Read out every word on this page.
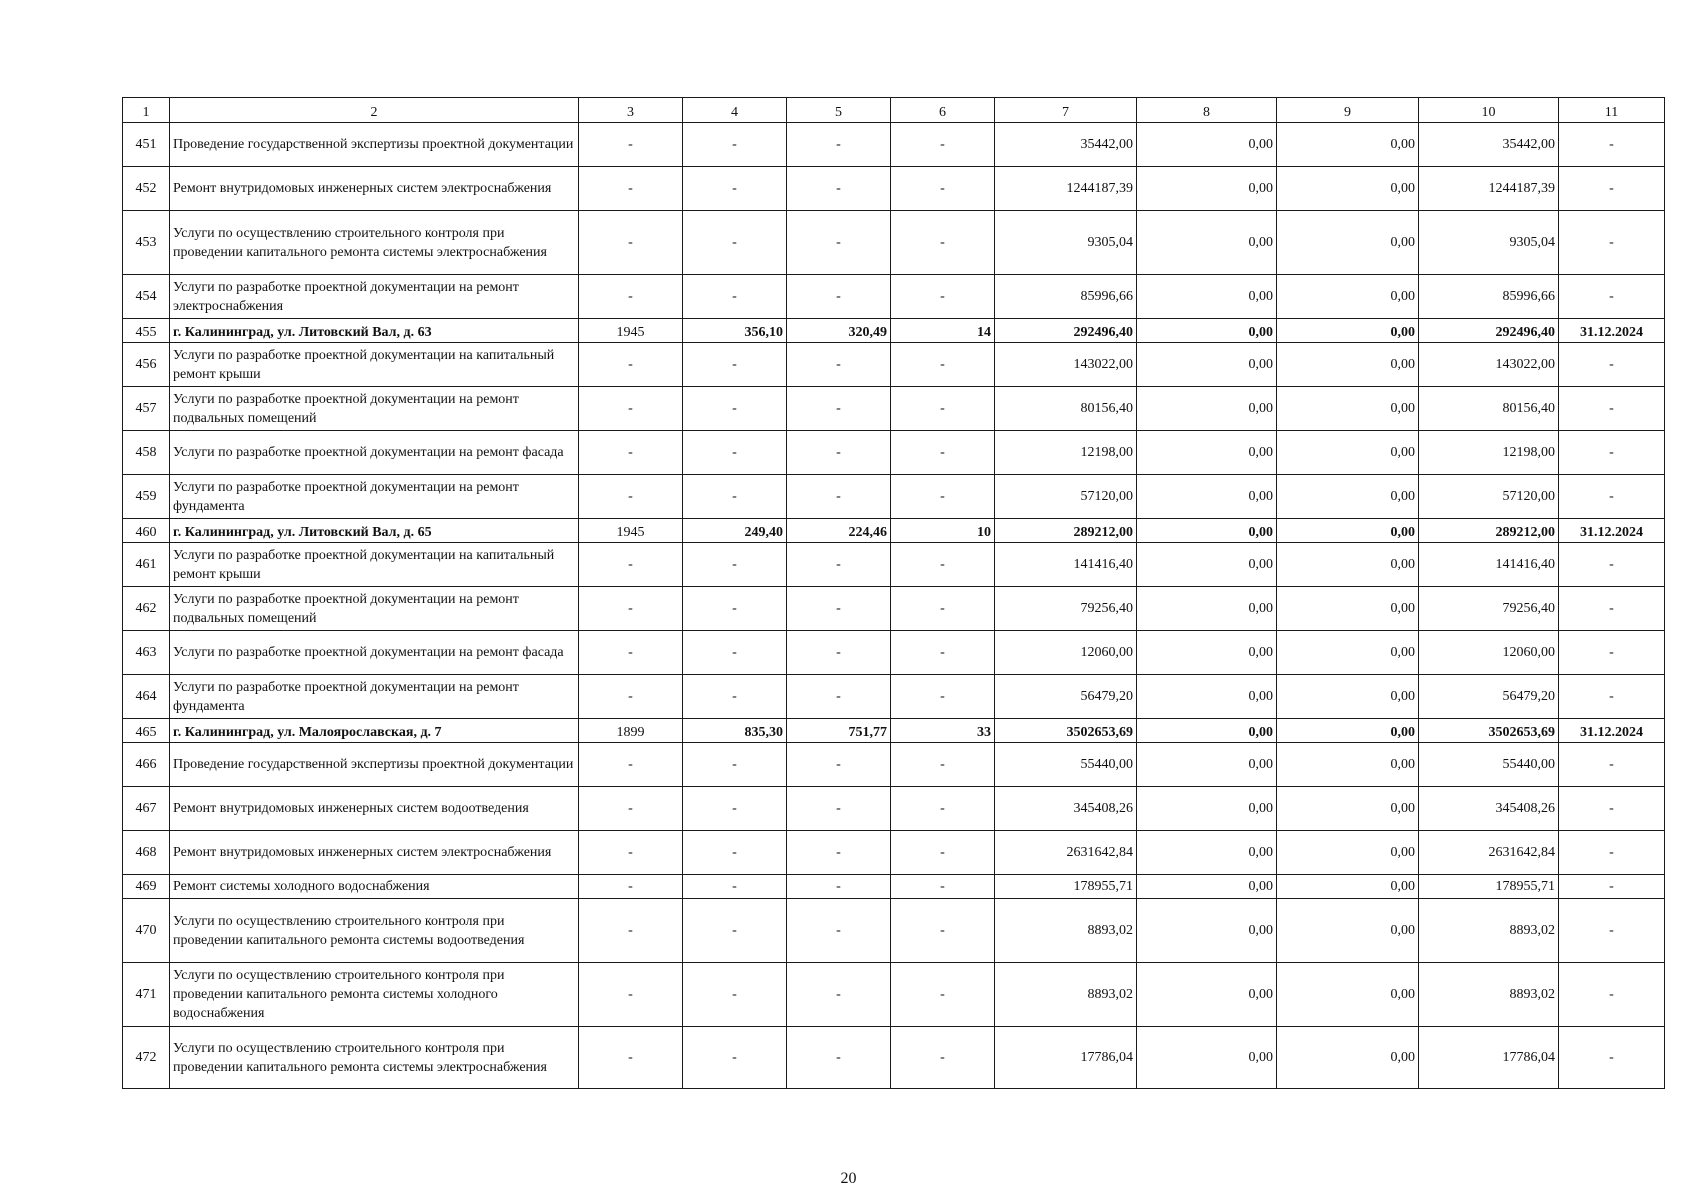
1	2	3	4	5	6	7	8	9	10	11
451	Проведение государственной экспертизы проектной документации	-	-	-	-	35442,00	0,00	0,00	35442,00	-
452	Ремонт внутридомовых инженерных систем электроснабжения	-	-	-	-	1244187,39	0,00	0,00	1244187,39	-
453	Услуги по осуществлению строительного контроля при проведении капитального ремонта системы электроснабжения	-	-	-	-	9305,04	0,00	0,00	9305,04	-
454	Услуги по разработке проектной документации на ремонт электроснабжения	-	-	-	-	85996,66	0,00	0,00	85996,66	-
455	г. Калининград, ул. Литовский Вал, д. 63	1945	356,10	320,49	14	292496,40	0,00	0,00	292496,40	31.12.2024
456	Услуги по разработке проектной документации на капитальный ремонт крыши	-	-	-	-	143022,00	0,00	0,00	143022,00	-
457	Услуги по разработке проектной документации на ремонт подвальных помещений	-	-	-	-	80156,40	0,00	0,00	80156,40	-
458	Услуги по разработке проектной документации на ремонт фасада	-	-	-	-	12198,00	0,00	0,00	12198,00	-
459	Услуги по разработке проектной документации на ремонт фундамента	-	-	-	-	57120,00	0,00	0,00	57120,00	-
460	г. Калининград, ул. Литовский Вал, д. 65	1945	249,40	224,46	10	289212,00	0,00	0,00	289212,00	31.12.2024
461	Услуги по разработке проектной документации на капитальный ремонт крыши	-	-	-	-	141416,40	0,00	0,00	141416,40	-
462	Услуги по разработке проектной документации на ремонт подвальных помещений	-	-	-	-	79256,40	0,00	0,00	79256,40	-
463	Услуги по разработке проектной документации на ремонт фасада	-	-	-	-	12060,00	0,00	0,00	12060,00	-
464	Услуги по разработке проектной документации на ремонт фундамента	-	-	-	-	56479,20	0,00	0,00	56479,20	-
465	г. Калининград, ул. Малоярославская, д. 7	1899	835,30	751,77	33	3502653,69	0,00	0,00	3502653,69	31.12.2024
466	Проведение государственной экспертизы проектной документации	-	-	-	-	55440,00	0,00	0,00	55440,00	-
467	Ремонт внутридомовых инженерных систем водоотведения	-	-	-	-	345408,26	0,00	0,00	345408,26	-
468	Ремонт внутридомовых инженерных систем электроснабжения	-	-	-	-	2631642,84	0,00	0,00	2631642,84	-
469	Ремонт системы холодного водоснабжения	-	-	-	-	178955,71	0,00	0,00	178955,71	-
470	Услуги по осуществлению строительного контроля при проведении капитального ремонта системы водоотведения	-	-	-	-	8893,02	0,00	0,00	8893,02	-
471	Услуги по осуществлению строительного контроля при проведении капитального ремонта системы холодного водоснабжения	-	-	-	-	8893,02	0,00	0,00	8893,02	-
472	Услуги по осуществлению строительного контроля при проведении капитального ремонта системы электроснабжения	-	-	-	-	17786,04	0,00	0,00	17786,04	-
20
